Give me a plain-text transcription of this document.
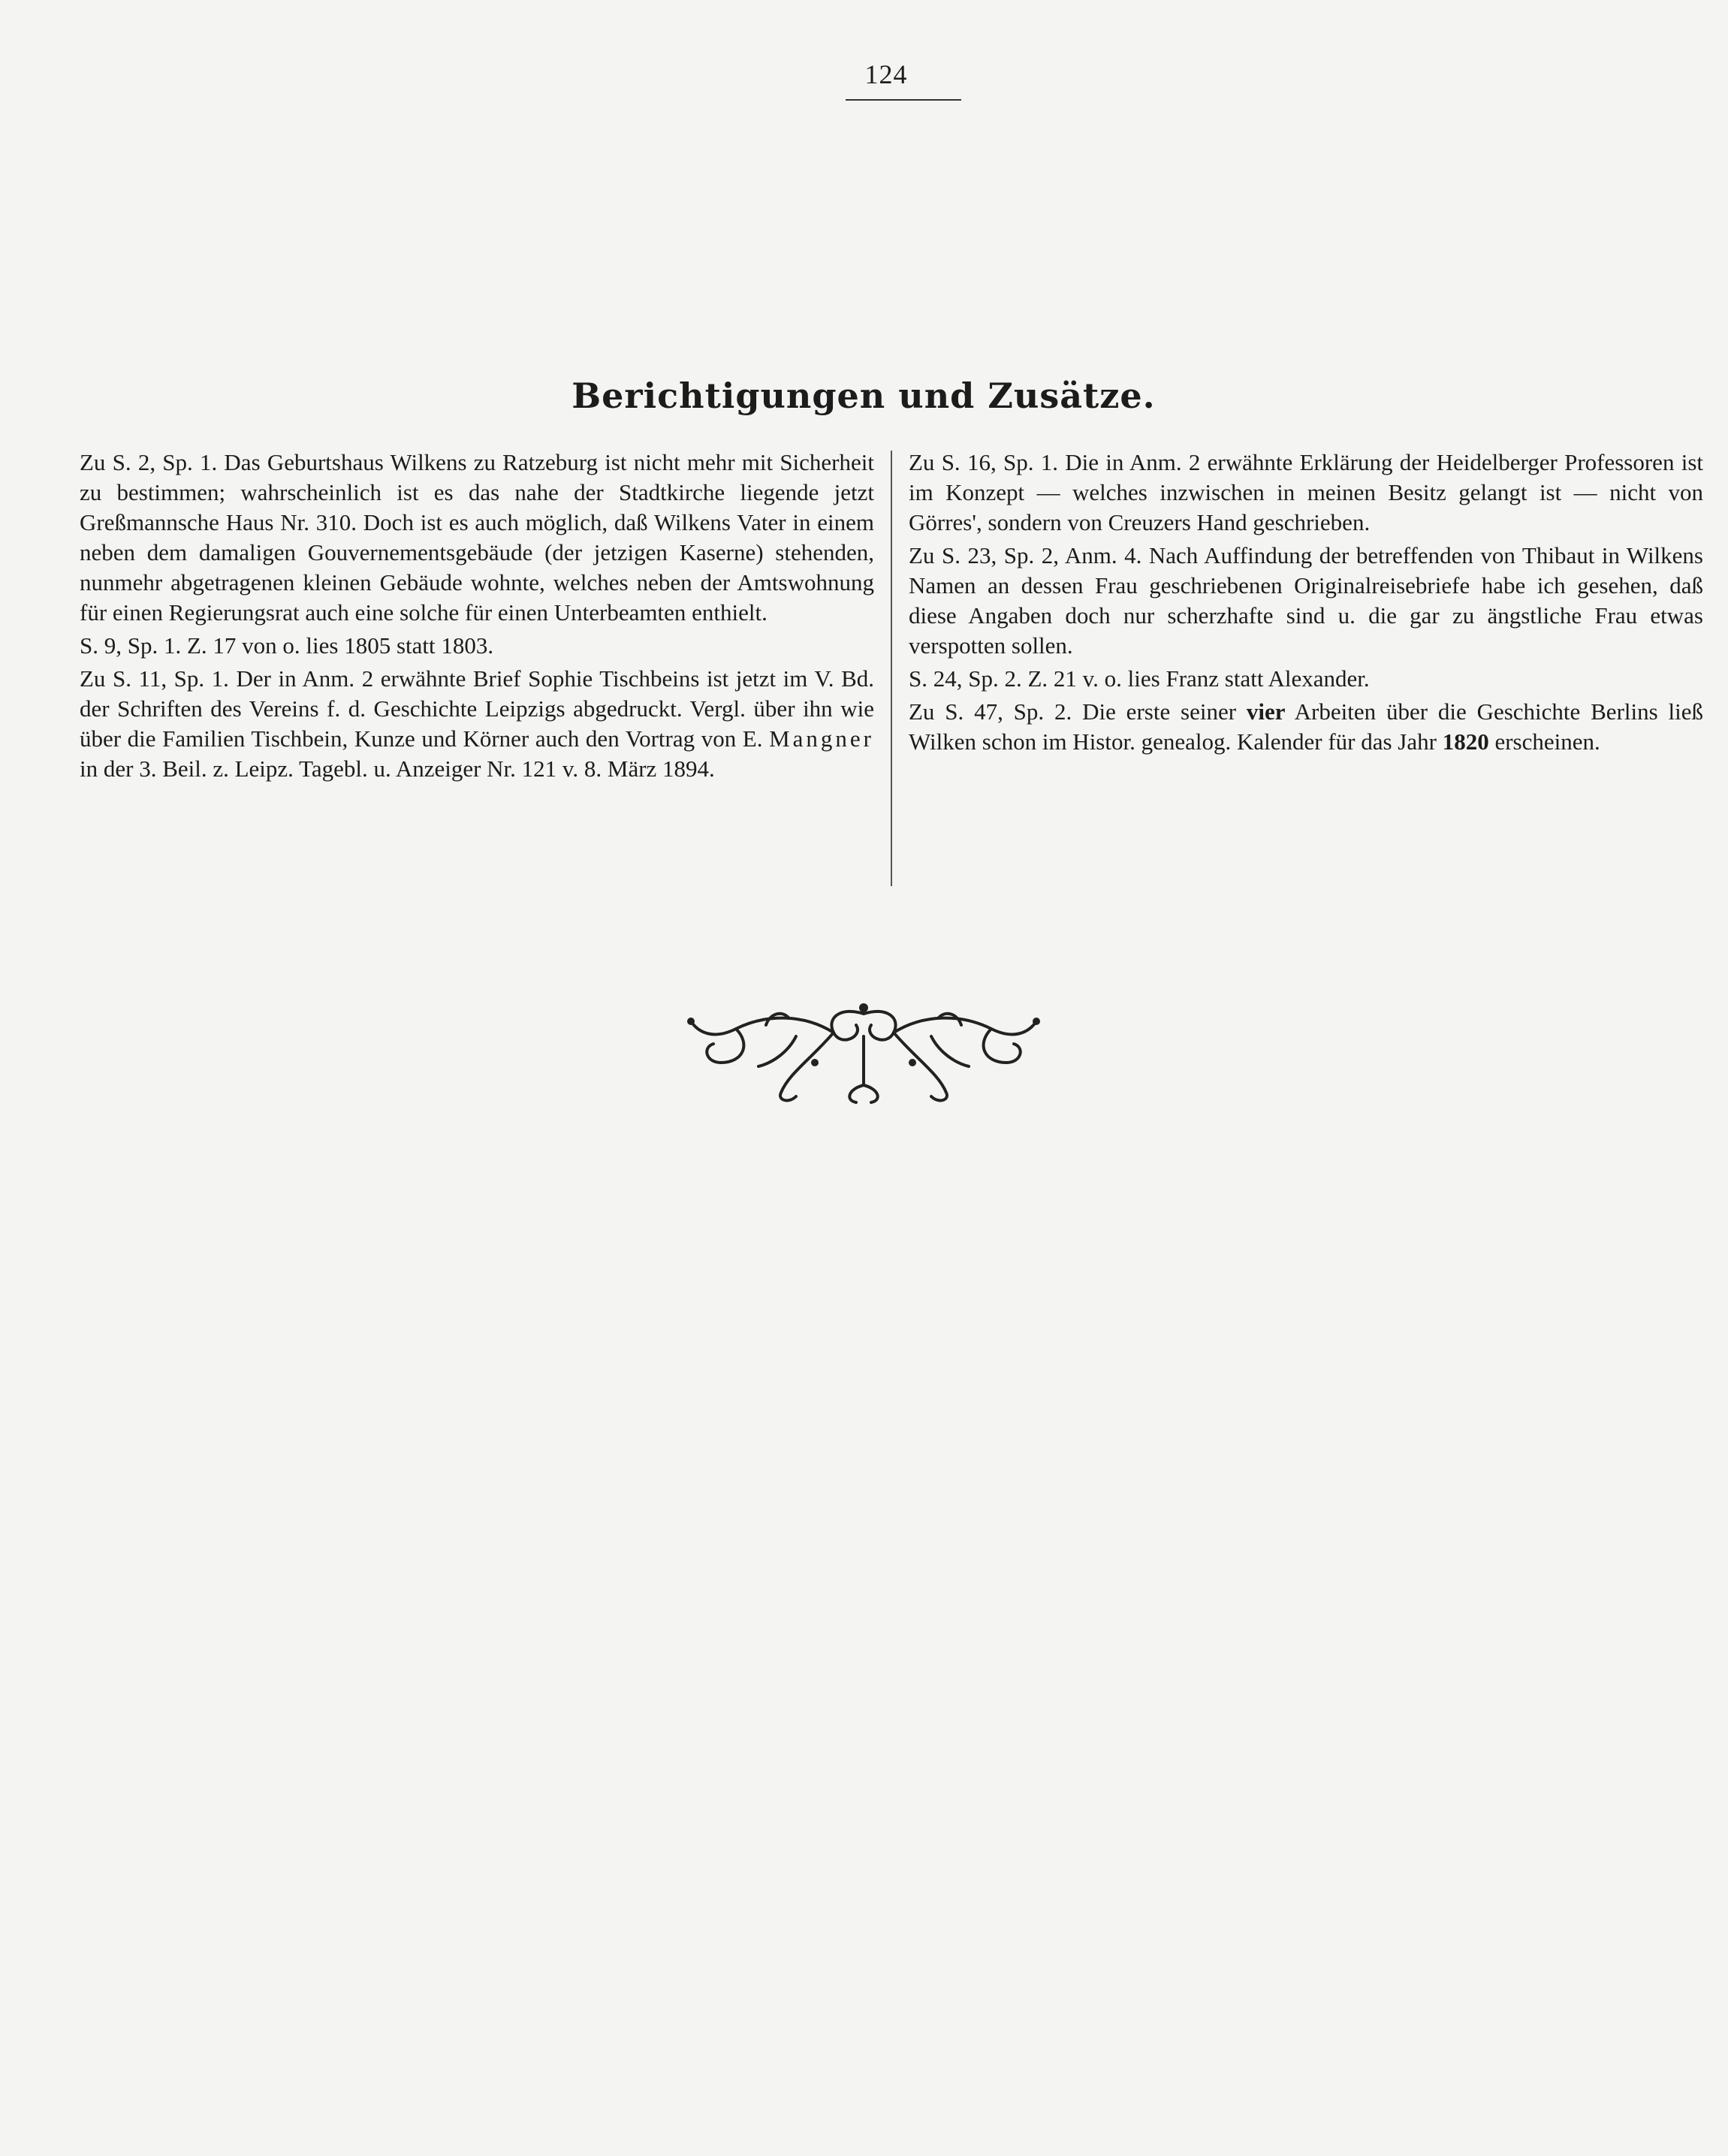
124
Berichtigungen und Zusätze.

Zu S. 2, Sp. 1. Das Geburtshaus Wilkens zu Ratzeburg ist nicht mehr mit Sicherheit zu bestimmen; wahrscheinlich ist es das nahe der Stadtkirche liegende jetzt Greßmannsche Haus Nr. 310. Doch ist es auch möglich, daß Wilkens Vater in einem neben dem damaligen Gouvernementsgebäude (der jetzigen Kaserne) stehenden, nunmehr abgetragenen kleinen Gebäude wohnte, welches neben der Amtswohnung für einen Regierungsrat auch eine solche für einen Unterbeamten enthielt.

S. 9, Sp. 1. Z. 17 von o. lies 1805 statt 1803.

Zu S. 11, Sp. 1. Der in Anm. 2 erwähnte Brief Sophie Tischbeins ist jetzt im V. Bd. der Schriften des Vereins f. d. Geschichte Leipzigs abgedruckt. Vergl. über ihn wie über die Familien Tischbein, Kunze und Körner auch den Vortrag von E. Mangner in der 3. Beil. z. Leipz. Tagebl. u. Anzeiger Nr. 121 v. 8. März 1894.

Zu S. 16, Sp. 1. Die in Anm. 2 erwähnte Erklärung der Heidelberger Professoren ist im Konzept — welches inzwischen in meinen Besitz gelangt ist — nicht von Görres', sondern von Creuzers Hand geschrieben.

Zu S. 23, Sp. 2, Anm. 4. Nach Auffindung der betreffenden von Thibaut in Wilkens Namen an dessen Frau geschriebenen Originalreisebriefe habe ich gesehen, daß diese Angaben doch nur scherzhafte sind u. die gar zu ängstliche Frau etwas verspotten sollen.

S. 24, Sp. 2. Z. 21 v. o. lies Franz statt Alexander.

Zu S. 47, Sp. 2. Die erste seiner vier Arbeiten über die Geschichte Berlins ließ Wilken schon im Histor. genealog. Kalender für das Jahr 1820 erscheinen.
